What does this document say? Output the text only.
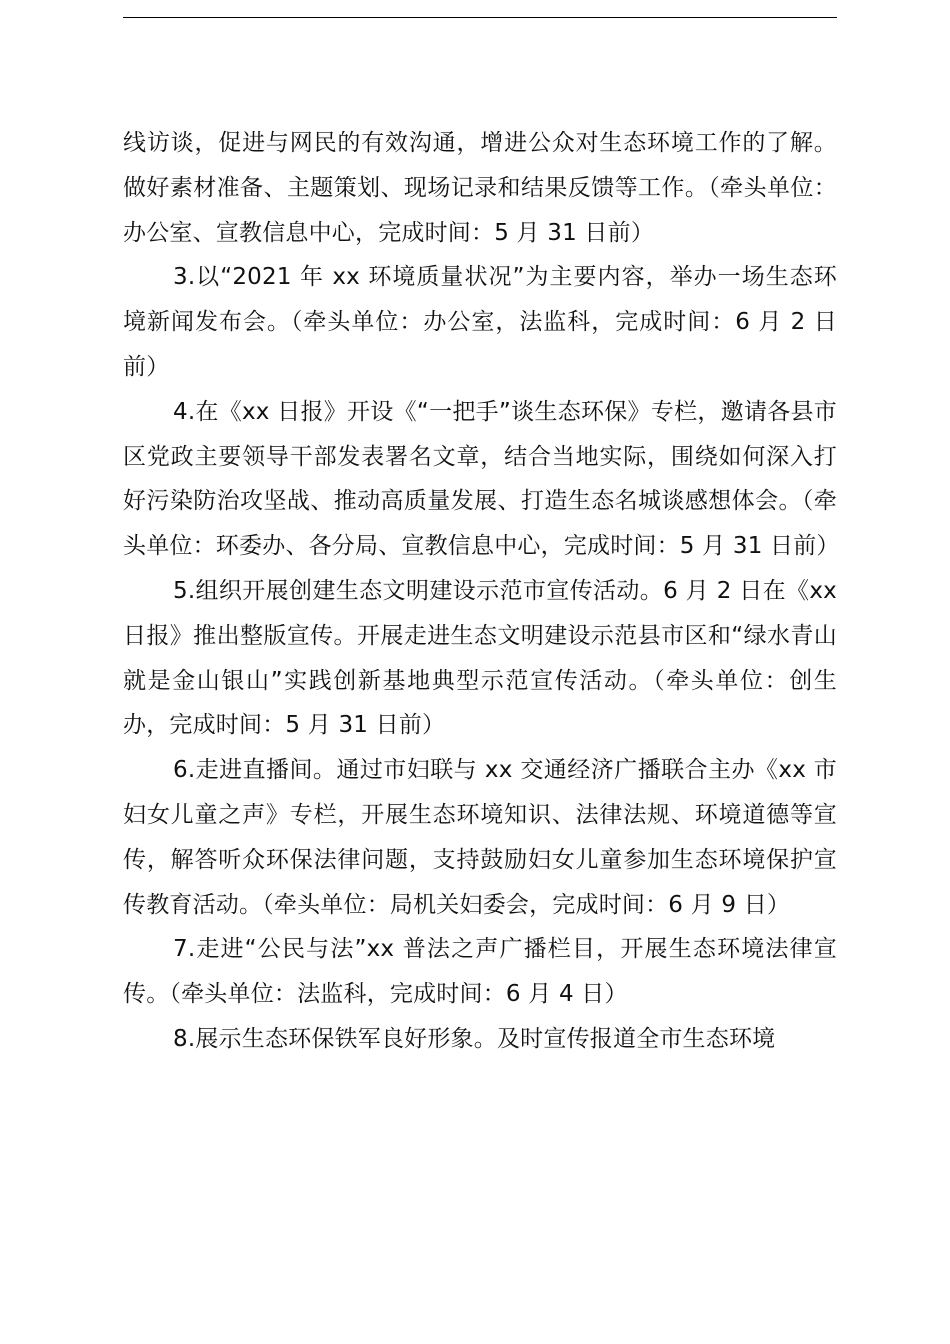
线访谈，促进与网民的有效沟通，增进公众对生态环境工作的了解。做好素材准备、主题策划、现场记录和结果反馈等工作。（牵头单位：办公室、宣教信息中心，完成时间：5 月 31 日前）

3.以“2021 年 xx 环境质量状况”为主要内容，举办一场生态环境新闻发布会。（牵头单位：办公室，法监科，完成时间：6 月 2 日前）

4.在《xx 日报》开设《“一把手”谈生态环保》专栏，邀请各县市区党政主要领导干部发表署名文章，结合当地实际，围绕如何深入打好污染防治攻坚战、推动高质量发展、打造生态名城谈感想体会。（牵头单位：环委办、各分局、宣教信息中心，完成时间：5 月 31 日前）

5.组织开展创建生态文明建设示范市宣传活动。6 月 2 日在《xx 日报》推出整版宣传。开展走进生态文明建设示范县市区和“绿水青山就是金山银山”实践创新基地典型示范宣传活动。（牵头单位：创生办，完成时间：5 月 31 日前）

6.走进直播间。通过市妇联与 xx 交通经济广播联合主办《xx 市妇女儿童之声》专栏，开展生态环境知识、法律法规、环境道德等宣传，解答听众环保法律问题，支持鼓励妇女儿童参加生态环境保护宣传教育活动。（牵头单位：局机关妇委会，完成时间：6 月 9 日）

7.走进“公民与法”xx 普法之声广播栏目，开展生态环境法律宣传。（牵头单位：法监科，完成时间：6 月 4 日）

8.展示生态环保铁军良好形象。及时宣传报道全市生态环境
